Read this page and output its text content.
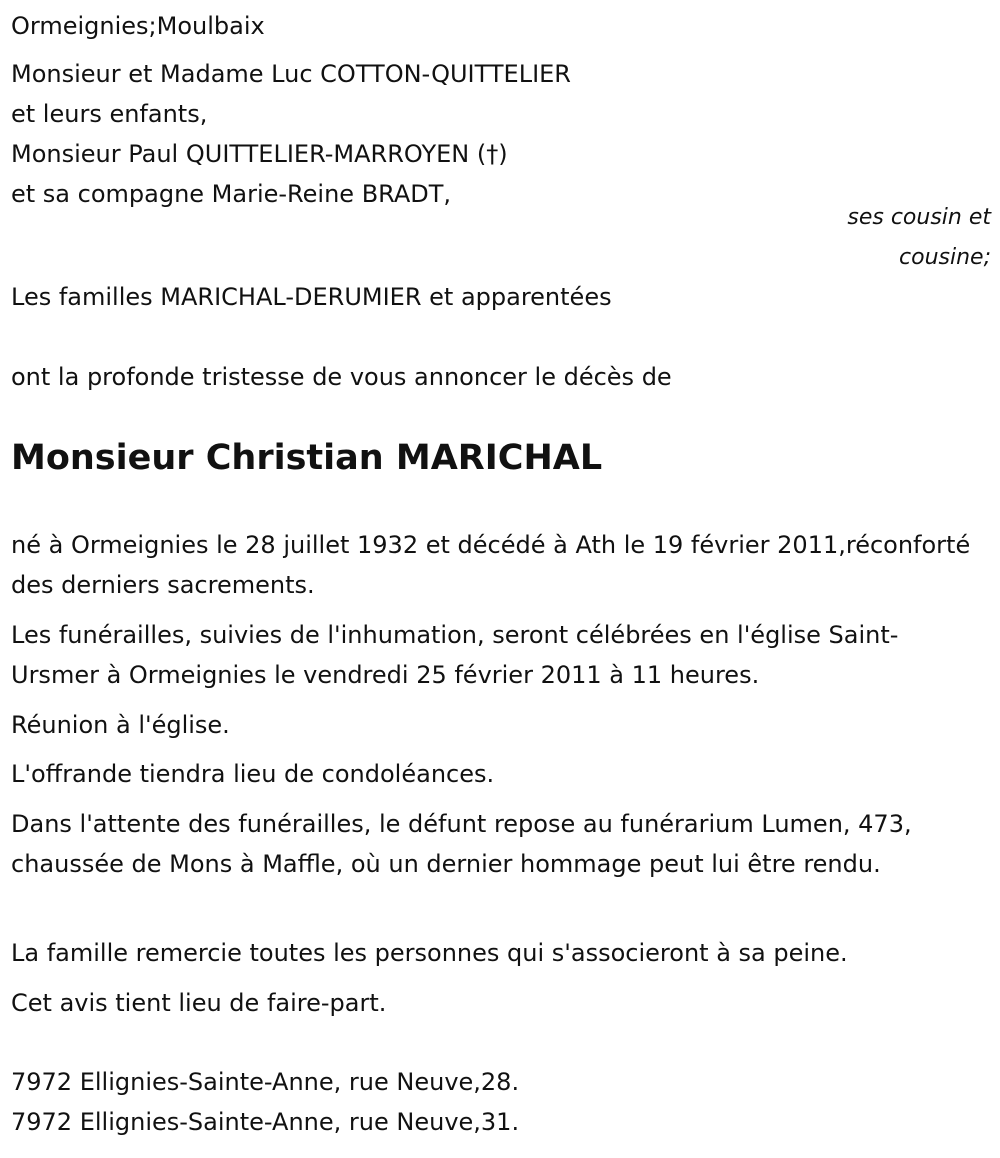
Ormeignies;Moulbaix
Monsieur et Madame Luc COTTON-QUITTELIER
et leurs enfants,
Monsieur Paul QUITTELIER-MARROYEN (†)
et sa compagne Marie-Reine BRADT,
ses cousin et
cousine;
Les familles MARICHAL-DERUMIER et apparentées
ont la profonde tristesse de vous annoncer le décès de
Monsieur Christian MARICHAL
né à Ormeignies le 28 juillet 1932 et décédé à Ath le 19 février 2011,réconforté des derniers sacrements.
Les funérailles, suivies de l'inhumation, seront célébrées en l'église Saint-Ursmer à Ormeignies le vendredi 25 février 2011 à 11 heures.
Réunion à l'église.
L'offrande tiendra lieu de condoléances.
Dans l'attente des funérailles, le défunt repose au funérarium Lumen, 473, chaussée de Mons à Maffle, où un dernier hommage peut lui être rendu.
La famille remercie toutes les personnes qui s'associeront à sa peine.
Cet avis tient lieu de faire-part.
7972 Ellignies-Sainte-Anne, rue Neuve,28.
7972 Ellignies-Sainte-Anne, rue Neuve,31.
